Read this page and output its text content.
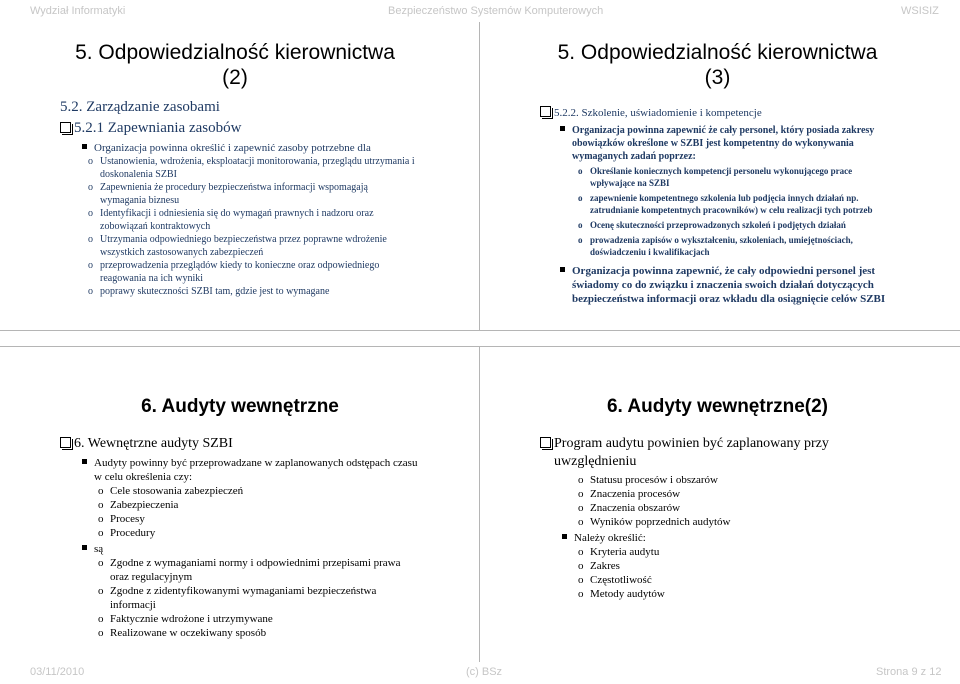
Wydział Informatyki	Bezpieczeństwo Systemów Komputerowych	WSISIZ

5. Odpowiedzialność kierownictwa

(2)

5.2. Zarządzanie zasobami

5.2.1 Zapewniania zasobów

Organizacja powinna określić i zapewnić zasoby potrzebne dla

o Ustanowienia, wdrożenia, eksploatacji monitorowania, przeglądu utrzymania i doskonalenia SZBI

o Zapewnienia że procedury bezpieczeństwa informacji wspomagają wymagania biznesu

o Identyfikacji i odniesienia się do wymagań prawnych i nadzoru oraz zobowiązań kontraktowych

o Utrzymania odpowiedniego bezpieczeństwa przez poprawne wdrożenie wszystkich zastosowanych zabezpieczeń

o przeprowadzenia przeglądów kiedy to konieczne oraz odpowiedniego reagowania na ich wyniki

o poprawy skuteczności SZBI tam, gdzie jest to wymagane

5. Odpowiedzialność kierownictwa

(3)

5.2.2. Szkolenie, uświadomienie i kompetencje

Organizacja powinna zapewnić że cały personel, który posiada zakresy obowiązków określone w SZBI jest kompetentny do wykonywania wymaganych zadań poprzez:

o Określanie koniecznych kompetencji personelu wykonującego prace wpływające na SZBI

o zapewnienie kompetentnego szkolenia lub podjęcia innych działań np. zatrudnianie kompetentnych pracowników) w celu realizacji tych potrzeb

o Ocenę skuteczności przeprowadzonych szkoleń i podjętych działań

o prowadzenia zapisów o wykształceniu, szkoleniach, umiejętnościach, doświadczeniu i kwalifikacjach

Organizacja powinna zapewnić, że cały odpowiedni personel jest świadomy co do związku i znaczenia swoich działań dotyczących bezpieczeństwa informacji oraz wkładu dla osiągnięcie celów SZBI

6. Audyty wewnętrzne

6. Wewnętrzne audyty SZBI

Audyty powinny być przeprowadzane w zaplanowanych odstępach czasu w celu określenia czy:

o Cele stosowania zabezpieczeń

o Zabezpieczenia

o Procesy

o Procedury

są

o Zgodne z wymaganiami normy i odpowiednimi przepisami prawa oraz regulacyjnym

o Zgodne z zidentyfikowanymi wymaganiami bezpieczeństwa informacji

o Faktycznie wdrożone i utrzymywane

o Realizowane w oczekiwany sposób

6. Audyty wewnętrzne(2)

Program audytu powinien być zaplanowany przy uwzględnieniu

o Statusu procesów i obszarów

o Znaczenia procesów

o Znaczenia obszarów

o Wyników poprzednich audytów

Należy określić:

o Kryteria audytu

o Zakres

o Częstotliwość

o Metody audytów

03/11/2010	(c) BSz	Strona 9 z 12
